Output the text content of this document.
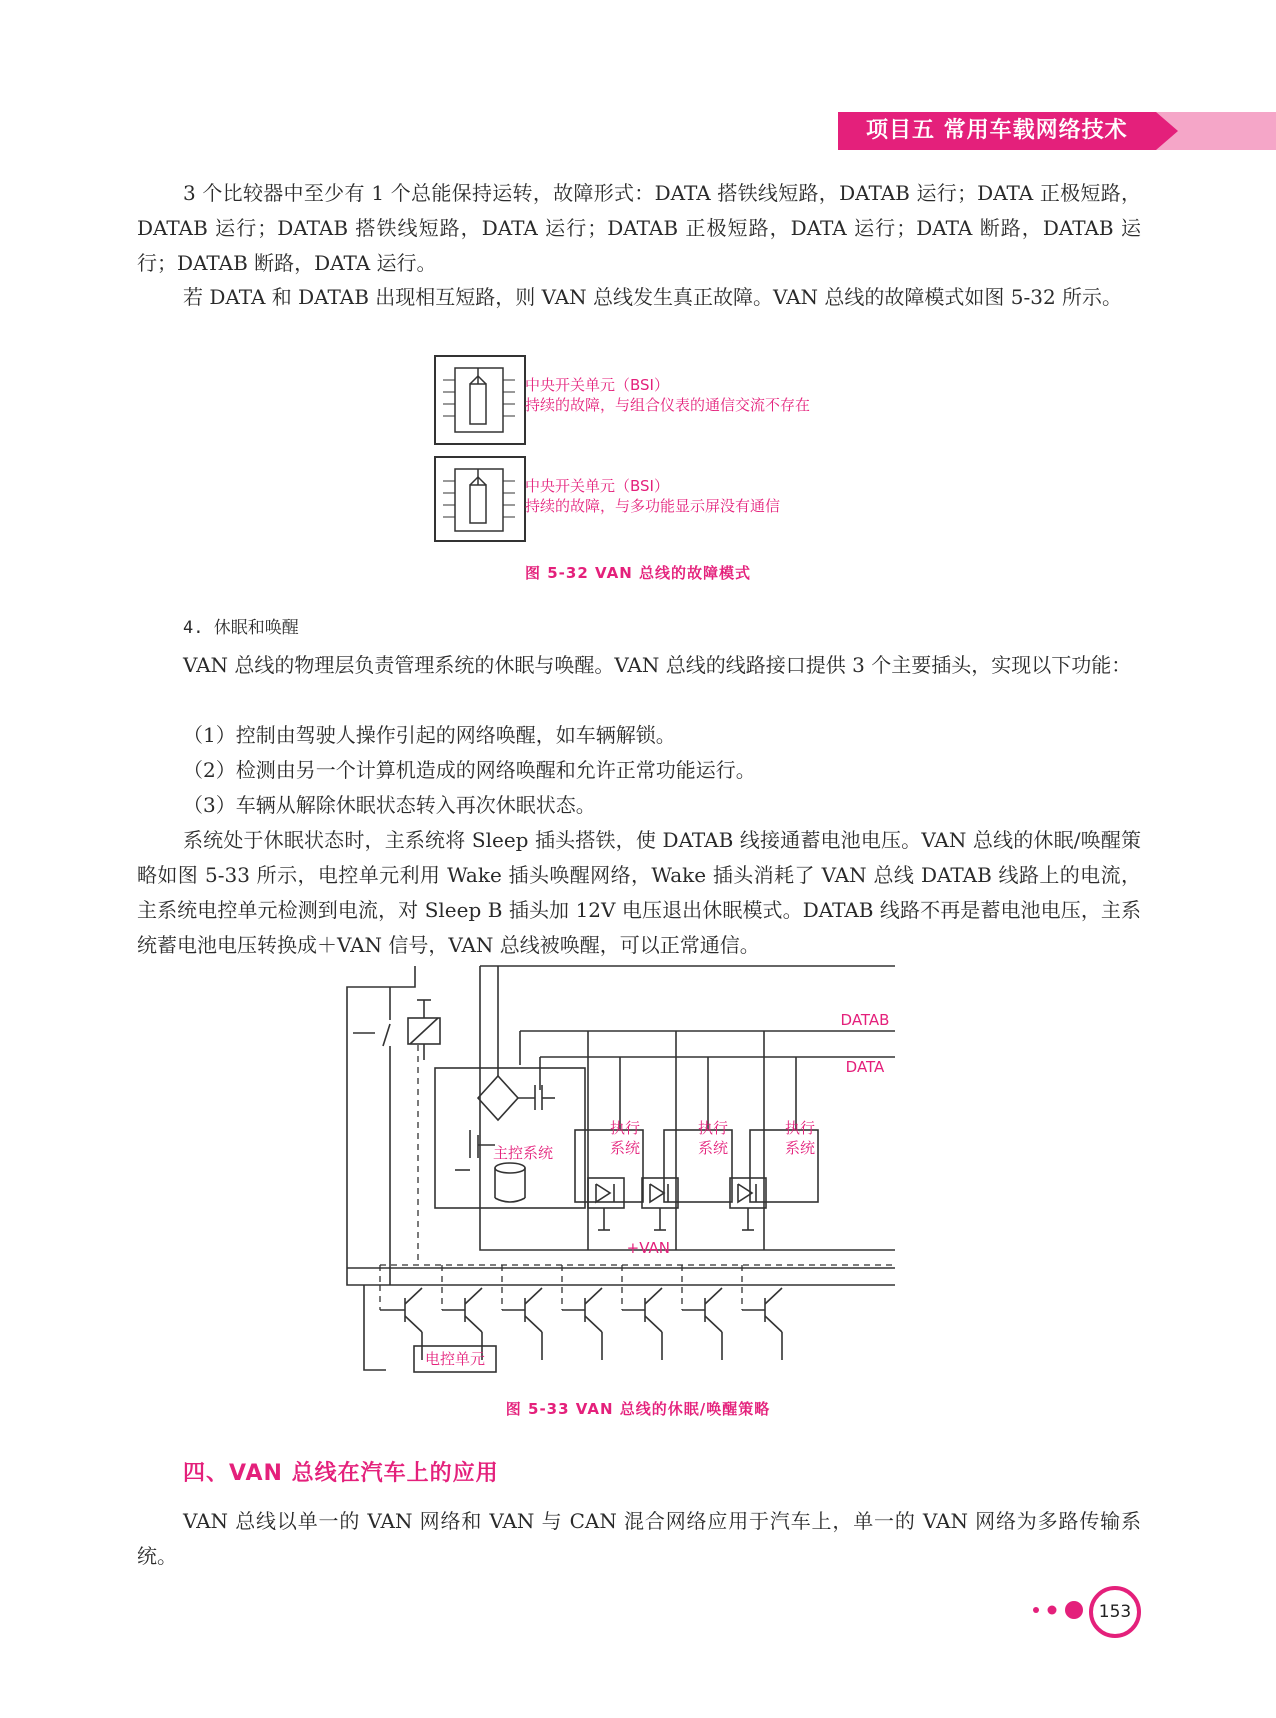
项目五 常用车载网络技术

3 个比较器中至少有 1 个总能保持运转，故障形式：DATA 搭铁线短路，DATAB 运行；DATA 正极短路，DATAB 运行；DATAB 搭铁线短路，DATA 运行；DATAB 正极短路，DATA 运行；DATA 断路，DATAB 运行；DATAB 断路，DATA 运行。

若 DATA 和 DATAB 出现相互短路，则 VAN 总线发生真正故障。VAN 总线的故障模式如图 5-32 所示。

中央开关单元（BSI）
持续的故障，与组合仪表的通信交流不存在
中央开关单元（BSI）
持续的故障，与多功能显示屏没有通信
图 5-32 VAN 总线的故障模式
4. 休眠和唤醒

VAN 总线的物理层负责管理系统的休眠与唤醒。VAN 总线的线路接口提供 3 个主要插头，实现以下功能：

（1）控制由驾驶人操作引起的网络唤醒，如车辆解锁。

（2）检测由另一个计算机造成的网络唤醒和允许正常功能运行。

（3）车辆从解除休眠状态转入再次休眠状态。

系统处于休眠状态时，主系统将 Sleep 插头搭铁，使 DATAB 线接通蓄电池电压。VAN 总线的休眠/唤醒策略如图 5-33 所示，电控单元利用 Wake 插头唤醒网络，Wake 插头消耗了 VAN 总线 DATAB 线路上的电流，主系统电控单元检测到电流，对 Sleep B 插头加 12V 电压退出休眠模式。DATAB 线路不再是蓄电池电压，主系统蓄电池电压转换成＋VAN 信号，VAN 总线被唤醒，可以正常通信。

DATAB
DATA
主控系统
+VAN
电控单元
执行
系统
执行
系统
执行
系统
图 5-33 VAN 总线的休眠/唤醒策略
四、VAN 总线在汽车上的应用

VAN 总线以单一的 VAN 网络和 VAN 与 CAN 混合网络应用于汽车上，单一的 VAN 网络为多路传输系统。

153
